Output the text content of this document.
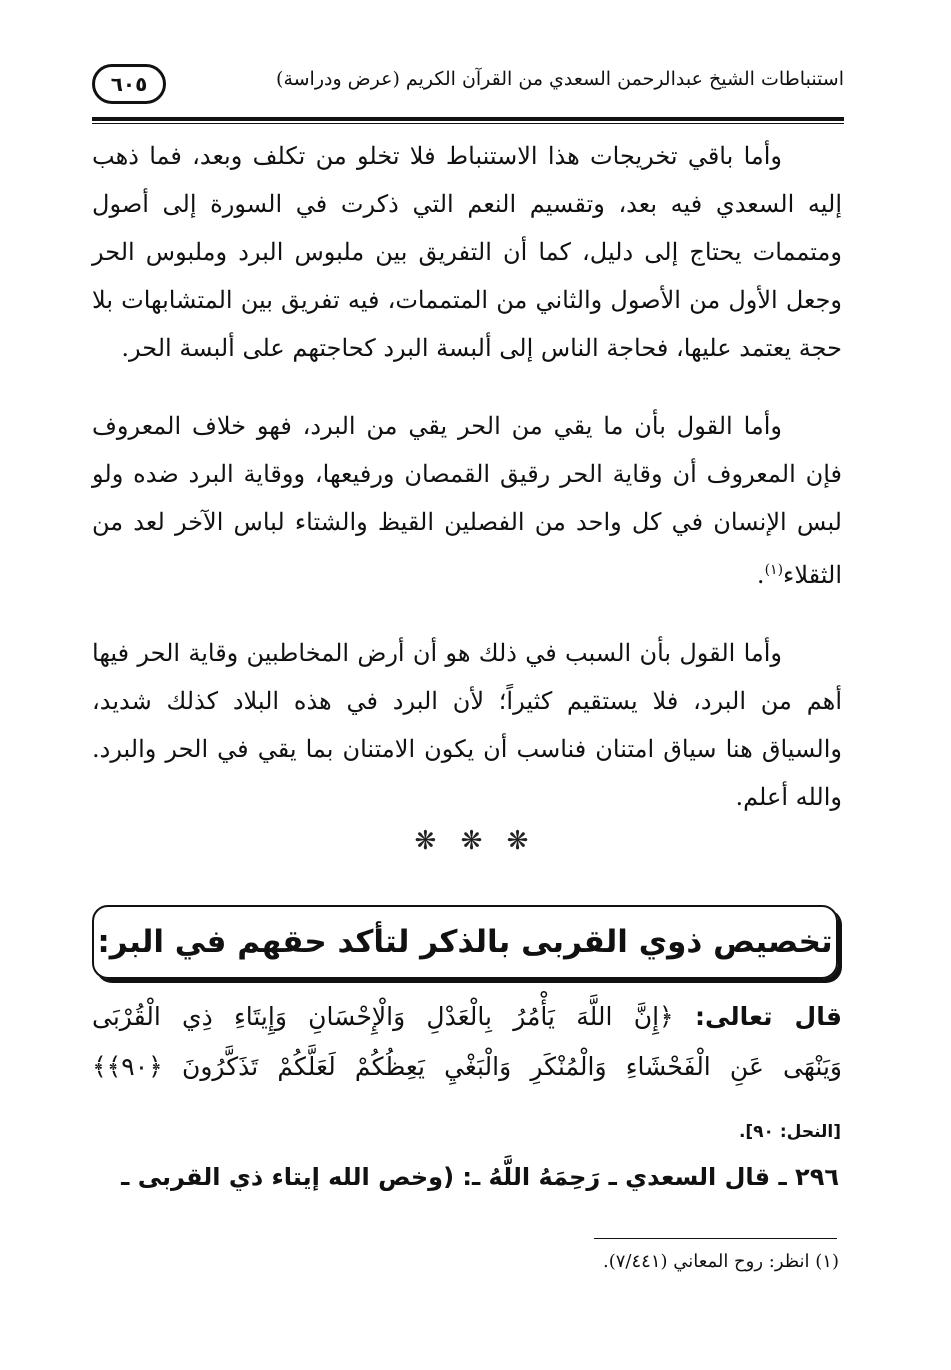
استنباطات الشيخ عبدالرحمن السعدي من القرآن الكريم (عرض ودراسة)
٦٠٥

وأما باقي تخريجات هذا الاستنباط فلا تخلو من تكلف وبعد، فما ذهب إليه السعدي فيه بعد، وتقسيم النعم التي ذكرت في السورة إلى أصول ومتممات يحتاج إلى دليل، كما أن التفريق بين ملبوس البرد وملبوس الحر وجعل الأول من الأصول والثاني من المتممات، فيه تفريق بين المتشابهات بلا حجة يعتمد عليها، فحاجة الناس إلى ألبسة البرد كحاجتهم على ألبسة الحر.

وأما القول بأن ما يقي من الحر يقي من البرد، فهو خلاف المعروف فإن المعروف أن وقاية الحر رقيق القمصان ورفيعها، ووقاية البرد ضده ولو لبس الإنسان في كل واحد من الفصلين القيظ والشتاء لباس الآخر لعد من الثقلاء$^{(١)}$.

وأما القول بأن السبب في ذلك هو أن أرض المخاطبين وقاية الحر فيها أهم من البرد، فلا يستقيم كثيراً؛ لأن البرد في هذه البلاد كذلك شديد، والسياق هنا سياق امتنان فناسب أن يكون الامتنان بما يقي في الحر والبرد. والله أعلم.

❋ ❋ ❋
تخصيص ذوي القربى بالذكر لتأكد حقهم في البر:
قال تعالى: ﴿إِنَّ اللَّهَ يَأْمُرُ بِالْعَدْلِ وَالْإِحْسَانِ وَإِيتَاءِ ذِي الْقُرْبَى
وَيَنْهَى عَنِ الْفَحْشَاءِ وَالْمُنْكَرِ وَالْبَغْيِ يَعِظُكُمْ لَعَلَّكُمْ تَذَكَّرُونَ ﴿٩٠﴾﴾
[النحل: ٩٠].
٢٩٦ ـ قال السعدي ـ رَحِمَهُ اللَّهُ ـ: (وخص الله إيتاء ذي القربى ـ
(١) انظر: روح المعاني (٧/٤٤١).
